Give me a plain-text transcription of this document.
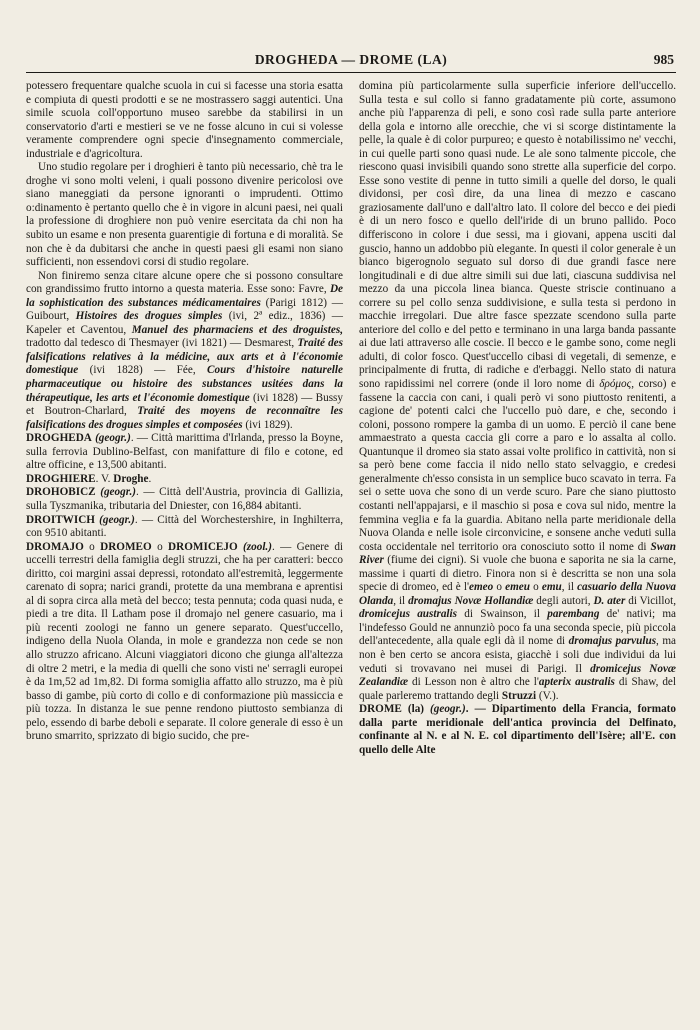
DROGHEDA — DROME (LA)	985

potessero frequentare qualche scuola in cui si facesse una storia esatta e compiuta di questi prodotti e se ne mostrassero saggi autentici. Una simile scuola coll'opportuno museo sarebbe da stabilirsi in un conservatorio d'arti e mestieri se ve ne fosse alcuno in cui si volesse veramente comprendere ogni specie d'insegnamento commerciale, industriale e d'agricoltura.

Uno studio regolare per i droghieri è tanto più necessario, chè tra le droghe vi sono molti veleni, i quali possono divenire pericolosi ove siano maneggiati da persone ignoranti o imprudenti. Ottimo o:dinamento è pertanto quello che è in vigore in alcuni paesi, nei quali la professione di droghiere non può venire esercitata da chi non ha subito un esame e non presenta guarentigie di fortuna e di moralità. Se non che è da dubitarsi che anche in questi paesi gli esami non siano sufficienti, non essendovi corsi di studio regolare.

Non finiremo senza citare alcune opere che si possono consultare con grandissimo frutto intorno a questa materia. Esse sono: Favre, De la sophistication des substances médicamentaires (Parigi 1812) — Guibourt, Histoires des drogues simples (ivi, 2ª ediz., 1836) — Kapeler et Caventou, Manuel des pharmaciens et des droguistes, tradotto dal tedesco di Thesmayer (ivi 1821) — Desmarest, Traité des falsifications relatives à la médicine, aux arts et à l'économie domestique (ivi 1828) — Fée, Cours d'histoire naturelle pharmaceutique ou histoire des substances usitées dans la thérapeutique, les arts et l'économie domestique (ivi 1828) — Bussy et Boutron-Charlard, Traité des moyens de reconnaître les falsifications des drogues simples et composées (ivi 1829).

DROGHEDA (geogr.). — Città marittima d'Irlanda, presso la Boyne, sulla ferrovia Dublino-Belfast, con manifatture di filo e cotone, ed altre officine, e 13,500 abitanti.

DROGHIERE. V. Droghe.

DROHOBICZ (geogr.). — Città dell'Austria, provincia di Gallizia, sulla Tyszmanika, tributaria del Dniester, con 16,884 abitanti.

DROITWICH (geogr.). — Città del Worchestershire, in Inghilterra, con 9510 abitanti.

DROMAJO o DROMEO o DROMICEJO (zool.). — Genere di uccelli terrestri della famiglia degli struzzi, che ha per caratteri: becco diritto, coi margini assai depressi, rotondato all'estremità, leggermente carenato di sopra; narici grandi, protette da una membrana e aprentisi al di sopra circa alla metà del becco; testa pennuta; coda quasi nuda, e piedi a tre dita. Il Latham pose il dromajo nel genere casuario, ma i più recenti zoologi ne fanno un genere separato. Quest'uccello, indigeno della Nuola Olanda, in mole e grandezza non cede se non allo struzzo africano. Alcuni viaggiatori dicono che giunga all'altezza di oltre 2 metri, e la media di quelli che sono visti ne' serragli europei è da 1m,52 ad 1m,82. Di forma somiglia affatto allo struzzo, ma è più basso di gambe, più corto di collo e di conformazione più massiccia e più tozza. In distanza le sue penne rendono piuttosto sembianza di pelo, essendo di barbe deboli e separate. Il colore generale di esso è un bruno smarrito, sprizzato di bigio sucido, che pre-

domina più particolarmente sulla superficie inferiore dell'uccello. Sulla testa e sul collo si fanno gradatamente più corte, assumono anche più l'apparenza di peli, e sono così rade sulla parte anteriore della gola e intorno alle orecchie, che vi si scorge distintamente la pelle, la quale è di color purpureo; e questo è notabilissimo ne' vecchi, in cui quelle parti sono quasi nude. Le ale sono talmente piccole, che riescono quasi invisibili quando sono strette alla superficie del corpo. Esse sono vestite di penne in tutto simili a quelle del dorso, le quali dividonsi, per così dire, da una linea di mezzo e cascano graziosamente dall'uno e dall'altro lato. Il colore del becco e dei piedi è di un nero fosco e quello dell'iride di un bruno pallido. Poco differiscono in colore i due sessi, ma i giovani, appena usciti dal guscio, hanno un addobbo più elegante. In questi il color generale è un bianco bigerognolo seguato sul dorso di due grandi fasce nere longitudinali e di due altre simili sui due lati, ciascuna suddivisa nel mezzo da una piccola linea bianca. Queste striscie continuano a correre su pel collo senza suddivisione, e sulla testa si perdono in macchie irregolari. Due altre fasce spezzate scendono sulla parte anteriore del collo e del petto e terminano in una larga banda passante ai due lati attraverso alle coscie. Il becco e le gambe sono, come negli adulti, di color fosco. Quest'uccello cibasi di vegetali, di semenze, e principalmente di frutta, di radiche e d'erbaggi. Nello stato di natura sono rapidissimi nel correre (onde il loro nome di δρόμος, corso) e fassene la caccia con cani, i quali però vi sono piuttosto renitenti, a cagione de' potenti calci che l'uccello può dare, e che, secondo i coloni, possono rompere la gamba di un uomo. E perciò il cane bene ammaestrato a questa caccia gli corre a paro e lo assalta al collo. Quantunque il dromeo sia stato assai volte prolifico in cattività, non si sa però bene come faccia il nido nello stato selvaggio, e credesi generalmente ch'esso consista in un semplice buco scavato in terra. Fa sei o sette uova che sono di un verde scuro. Pare che siano piuttosto costanti nell'appajarsi, e il maschio si posa e cova sul nido, mentre la femmina veglia e fa la guardia. Abitano nella parte meridionale della Nuova Olanda e nelle isole circonvicine, e sonsene anche veduti sulla costa occidentale nel territorio ora conosciuto sotto il nome di Swan River (fiume dei cigni). Si vuole che buona e saporita ne sia la carne, massime i quarti di dietro. Finora non si è descritta se non una sola specie di dromeo, ed è l'emeo o emeu o emu, il casuario della Nuova Olanda, il dromajus Novæ Hollandiæ degli autori, D. ater di Vicillot, dromicejus australis di Swainson, il parembang de' nativi; ma l'indefesso Gould ne annunziò poco fa una seconda specie, più piccola dell'antecedente, alla quale egli dà il nome di dromajus parvulus, ma non è ben certo se ancora esista, giacchè i soli due individui da lui veduti si trovavano nei musei di Parigi. Il dromicejus Novæ Zealandiæ di Lesson non è altro che l'apterix australis di Shaw, del quale parleremo trattando degli Struzzi (V.).

DROME (la) (geogr.). — Dipartimento della Francia, formato dalla parte meridionale dell'antica provincia del Delfinato, confinante al N. e al N. E. col dipartimento dell'Isère; all'E. con quello delle Alte
